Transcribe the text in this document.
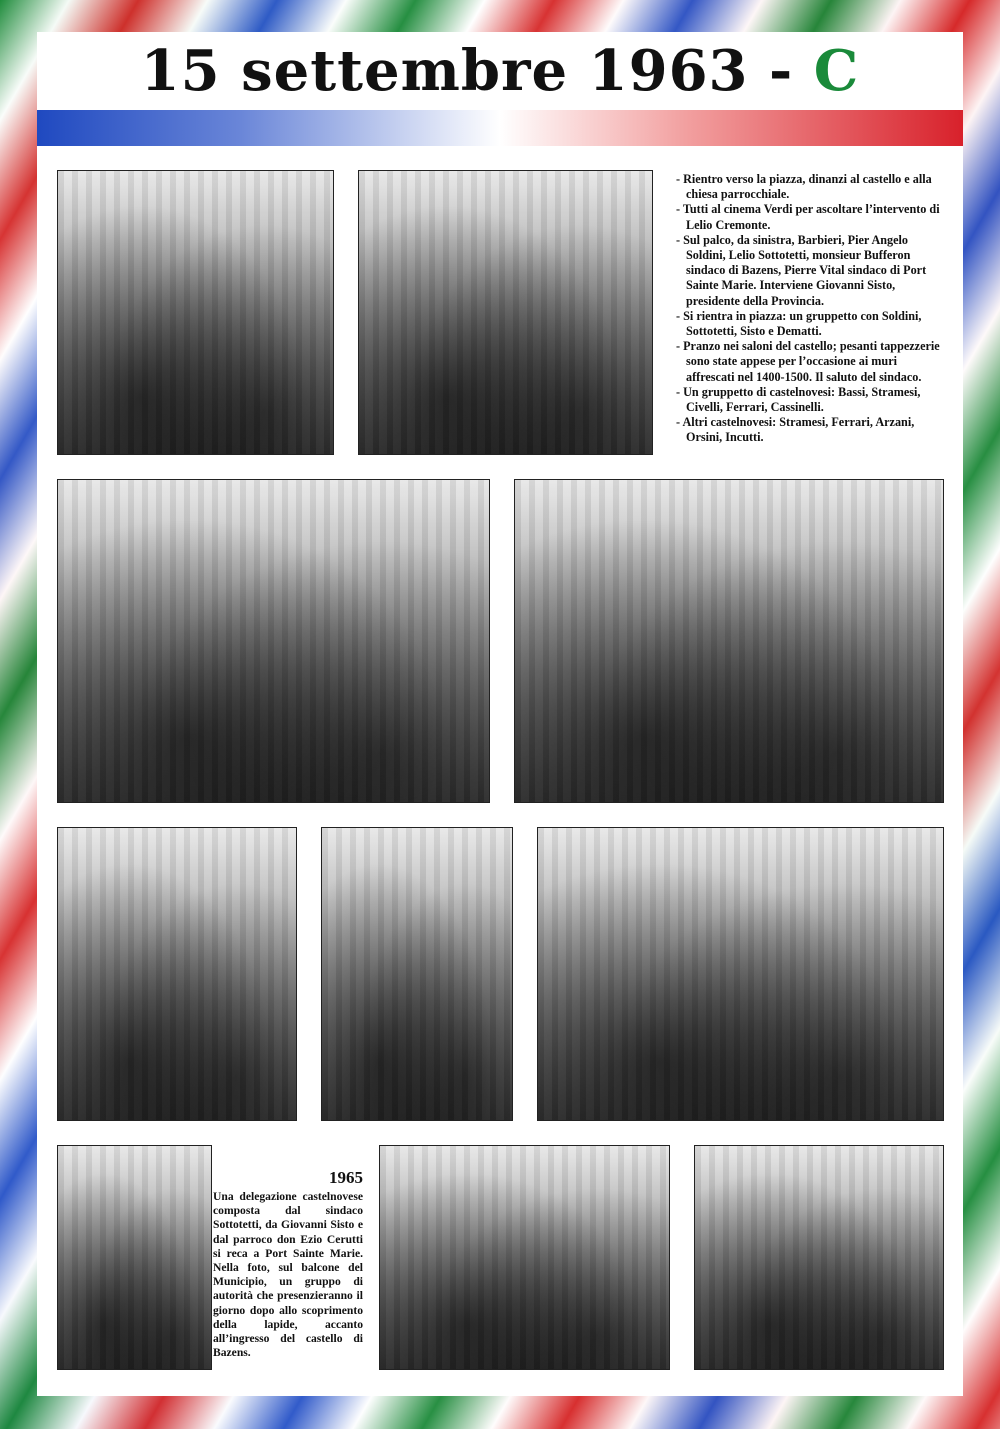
15 settembre 1963 - C
- Rientro verso la piazza, dinanzi al castello e alla chiesa parrocchiale.
- Tutti al cinema Verdi per ascoltare l’intervento di Lelio Cremonte.
- Sul palco, da sinistra, Barbieri, Pier Angelo Soldini, Lelio Sottotetti, monsieur Bufferon sindaco di Bazens, Pierre Vital sindaco di Port Sainte Marie. Interviene Giovanni Sisto, presidente della Provincia.
- Si rientra in piazza: un gruppetto con Soldini, Sottotetti, Sisto e Dematti.
- Pranzo nei saloni del castello; pesanti tappezzerie sono state appese per l’occasione ai muri affrescati nel 1400-1500. Il saluto del sindaco.
- Un gruppetto di castelnovesi: Bassi, Stramesi, Civelli, Ferrari, Cassinelli.
- Altri castelnovesi: Stramesi, Ferrari, Arzani, Orsini, Incutti.
1965
Una delegazione castelnovese composta dal sindaco Sottotetti, da Giovanni Sisto e dal parroco don Ezio Cerutti si reca a Port Sainte Marie. Nella foto, sul balcone del Municipio, un gruppo di autorità che presenzieranno il giorno dopo allo scoprimento della lapide, accanto all’ingresso del castello di Bazens.
